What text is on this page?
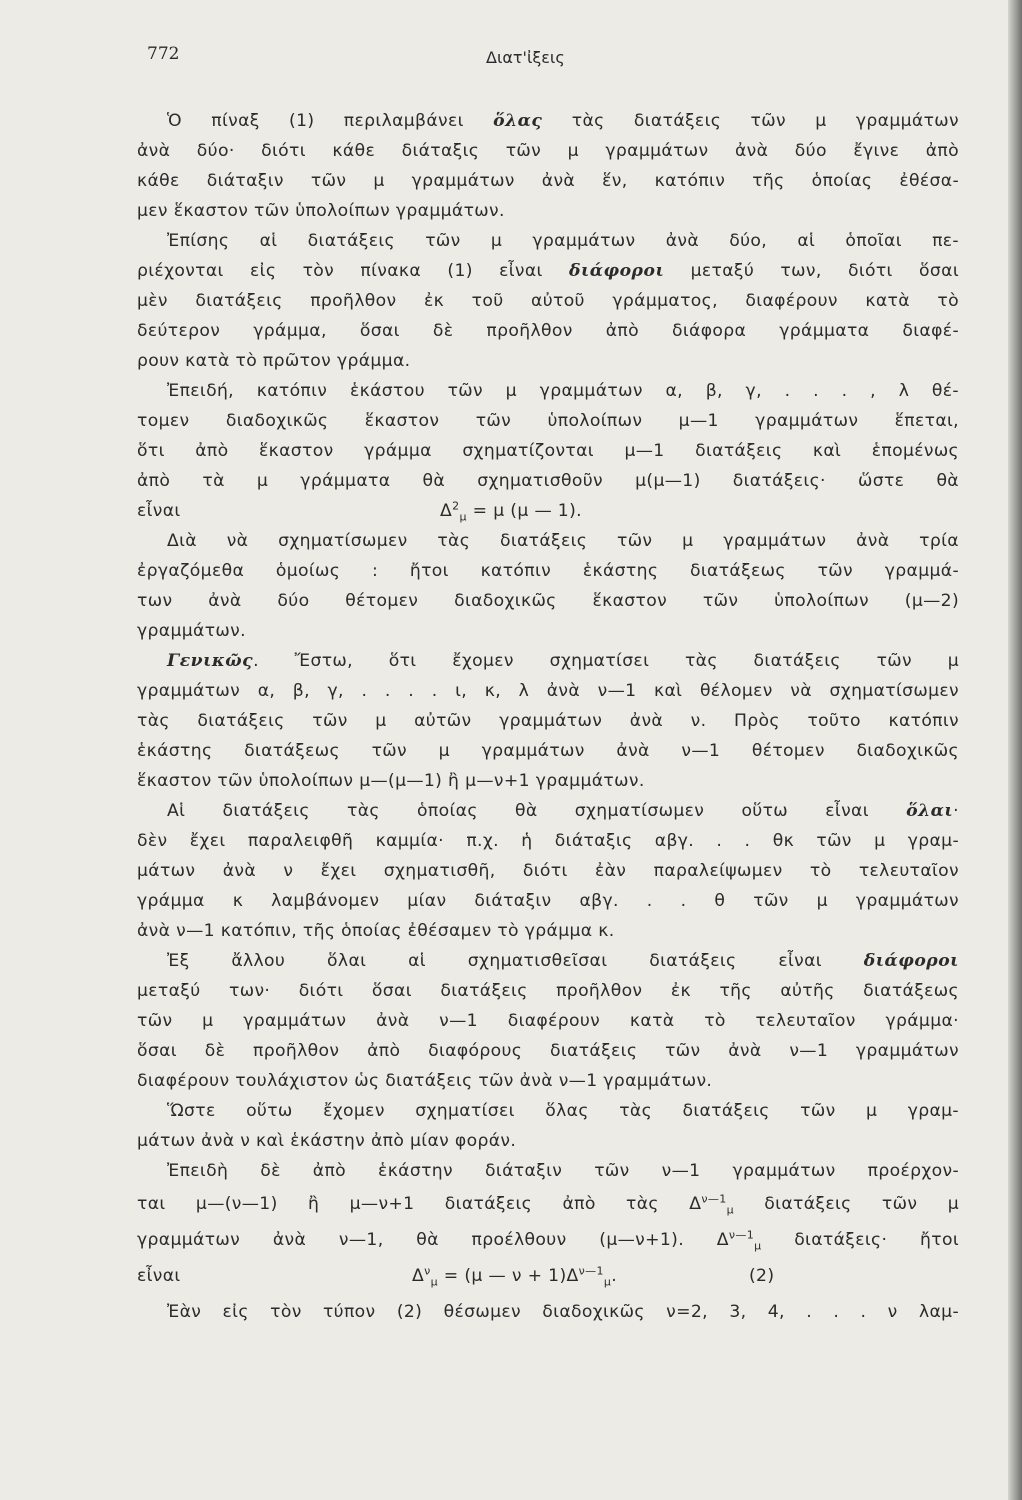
772	Διατ'ἰξεις
Ὁ πίναξ (1) περιλαμβάνει ὅλας τὰς διατάξεις τῶν μ γραμμάτων
ἀνὰ δύο· διότι κάθε διάταξις τῶν μ γραμμάτων ἀνὰ δύο ἔγινε ἀπὸ
κάθε διάταξιν τῶν μ γραμμάτων ἀνὰ ἕν, κατόπιν τῆς ὁποίας ἐθέσα-
μεν ἕκαστον τῶν ὑπολοίπων γραμμάτων.
Ἐπίσης αἱ διατάξεις τῶν μ γραμμάτων ἀνὰ δύο, αἱ ὁποῖαι πε-
ριέχονται εἰς τὸν πίνακα (1) εἶναι διάφοροι μεταξύ των, διότι ὅσαι
μὲν διατάξεις προῆλθον ἐκ τοῦ αὐτοῦ γράμματος, διαφέρουν κατὰ τὸ
δεύτερον γράμμα, ὅσαι δὲ προῆλθον ἀπὸ διάφορα γράμματα διαφέ-
ρουν κατὰ τὸ πρῶτον γράμμα.
Ἐπειδή, κατόπιν ἑκάστου τῶν μ γραμμάτων α, β, γ, . . . , λ θέ-
τομεν διαδοχικῶς ἕκαστον τῶν ὑπολοίπων μ—1 γραμμάτων ἕπεται,
ὅτι ἀπὸ ἕκαστον γράμμα σχηματίζονται μ—1 διατάξεις καὶ ἑπομένως
ἀπὸ τὰ μ γράμματα θὰ σχηματισθοῦν μ(μ—1) διατάξεις· ὥστε θὰ
εἶναι	$\Delta^2_\mu = \mu$ (μ — 1).
Διὰ νὰ σχηματίσωμεν τὰς διατάξεις τῶν μ γραμμάτων ἀνὰ τρία
ἐργαζόμεθα ὁμοίως : ἤτοι κατόπιν ἑκάστης διατάξεως τῶν γραμμά-
των ἀνὰ δύο θέτομεν διαδοχικῶς ἕκαστον τῶν ὑπολοίπων (μ—2)
γραμμάτων.
Γενικῶς. Ἔστω, ὅτι ἔχομεν σχηματίσει τὰς διατάξεις τῶν μ
γραμμάτων α, β, γ, . . . . ι, κ, λ ἀνὰ ν—1 καὶ θέλομεν νὰ σχηματίσωμεν
τὰς διατάξεις τῶν μ αὐτῶν γραμμάτων ἀνὰ ν. Πρὸς τοῦτο κατόπιν
ἑκάστης διατάξεως τῶν μ γραμμάτων ἀνὰ ν—1 θέτομεν διαδοχικῶς
ἕκαστον τῶν ὑπολοίπων μ—(μ—1) ἢ μ—ν+1 γραμμάτων.
Αἱ διατάξεις τὰς ὁποίας θὰ σχηματίσωμεν οὕτω εἶναι ὅλαι·
δὲν ἔχει παραλειφθῆ καμμία· π.χ. ἡ διάταξις αβγ. . . θκ τῶν μ γραμ-
μάτων ἀνὰ ν ἔχει σχηματισθῆ, διότι ἐὰν παραλείψωμεν τὸ τελευταῖον
γράμμα κ λαμβάνομεν μίαν διάταξιν αβγ. . . θ τῶν μ γραμμάτων
ἀνὰ ν—1 κατόπιν, τῆς ὁποίας ἐθέσαμεν τὸ γράμμα κ.
Ἐξ ἄλλου ὅλαι αἱ σχηματισθεῖσαι διατάξεις εἶναι διάφοροι
μεταξύ των· διότι ὅσαι διατάξεις προῆλθον ἐκ τῆς αὐτῆς διατάξεως
τῶν μ γραμμάτων ἀνὰ ν—1 διαφέρουν κατὰ τὸ τελευταῖον γράμμα·
ὅσαι δὲ προῆλθον ἀπὸ διαφόρους διατάξεις τῶν ἀνὰ ν—1 γραμμάτων
διαφέρουν τουλάχιστον ὡς διατάξεις τῶν ἀνὰ ν—1 γραμμάτων.
Ὥστε οὕτω ἔχομεν σχηματίσει ὅλας τὰς διατάξεις τῶν μ γραμ-
μάτων ἀνὰ ν καὶ ἑκάστην ἀπὸ μίαν φοράν.
Ἐπειδὴ δὲ ἀπὸ ἑκάστην διάταξιν τῶν ν—1 γραμμάτων προέρχον-
ται μ—(ν—1) ἢ μ—ν+1 διατάξεις ἀπὸ τὰς $\Delta^{\nu—1}_\mu$ διατάξεις τῶν μ
γραμμάτων ἀνὰ ν—1, θὰ προέλθουν (μ—ν+1). $\Delta^{\nu—1}_\mu$ διατάξεις· ἤτοι
εἶναι	$\Delta^\nu_\mu = (\mu$ — $\nu + 1)\Delta^{\nu—1}_\mu$.	(2)
Ἐὰν εἰς τὸν τύπον (2) θέσωμεν διαδοχικῶς ν=2, 3, 4, . . . ν λαμ-
